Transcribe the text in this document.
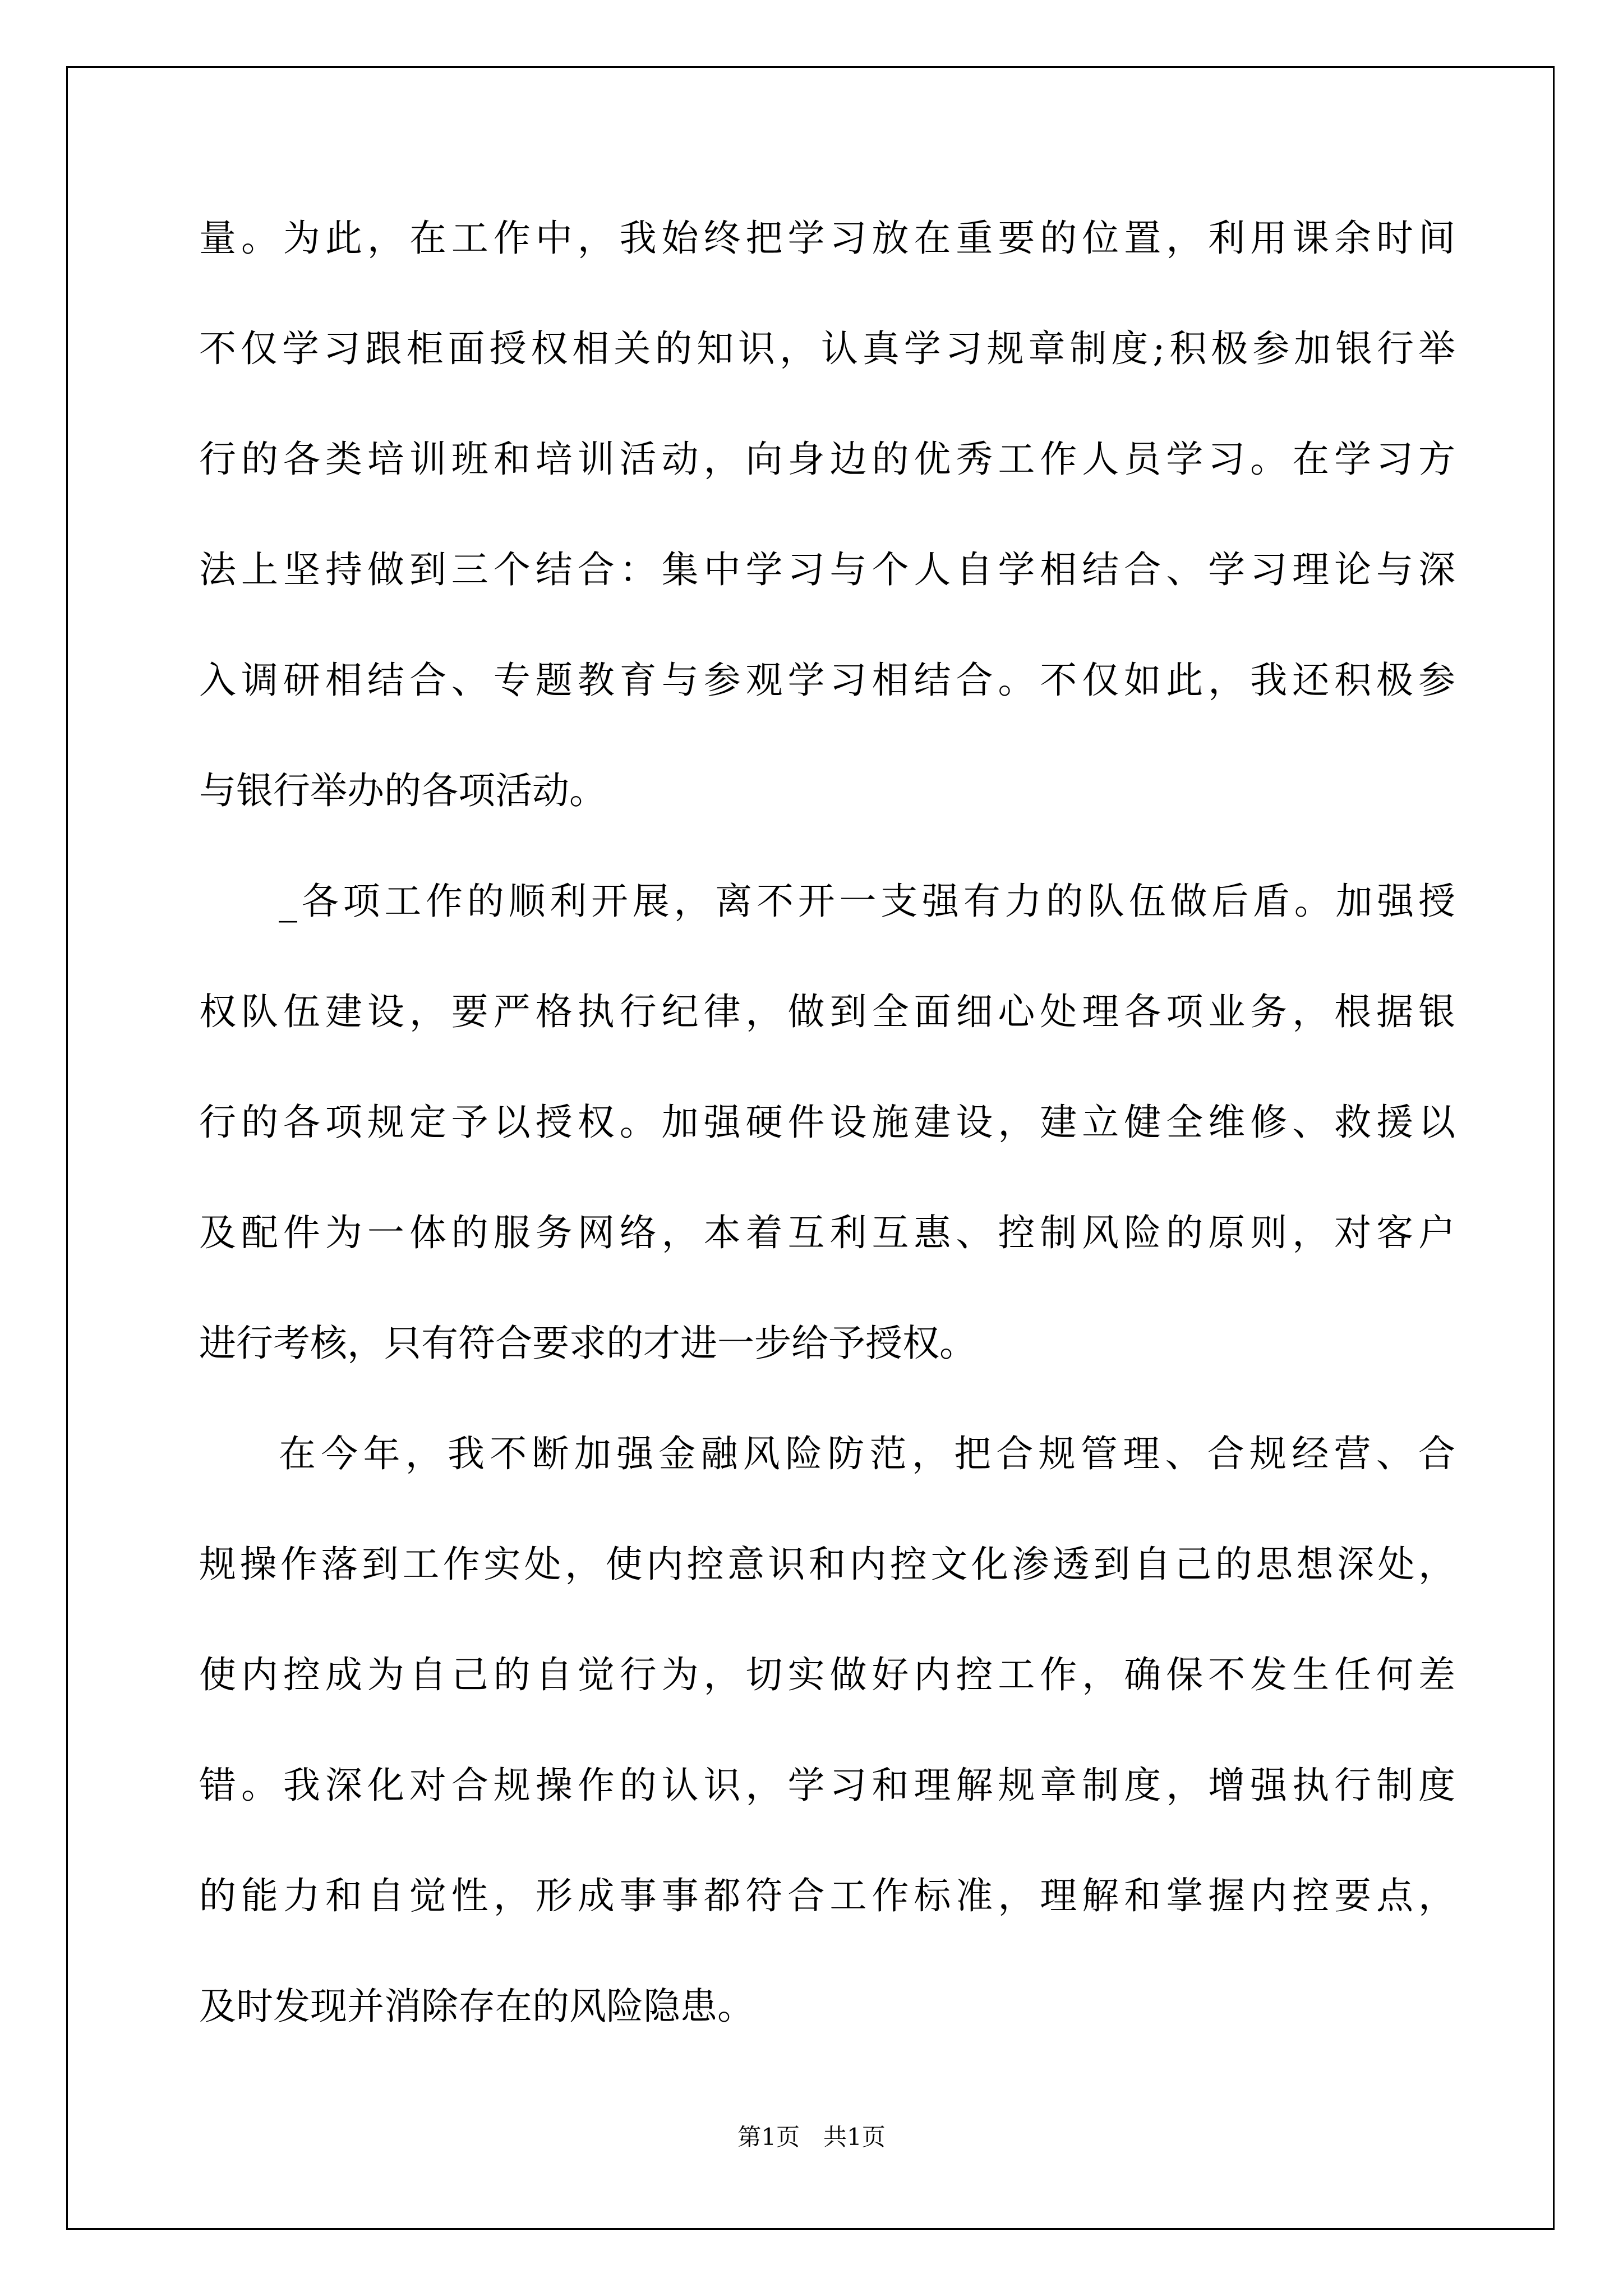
量。为此，在工作中，我始终把学习放在重要的位置，利用课余时间
不仅学习跟柜面授权相关的知识，认真学习规章制度;积极参加银行举
行的各类培训班和培训活动，向身边的优秀工作人员学习。在学习方
法上坚持做到三个结合：集中学习与个人自学相结合、学习理论与深
入调研相结合、专题教育与参观学习相结合。不仅如此，我还积极参
与银行举办的各项活动。
_各项工作的顺利开展，离不开一支强有力的队伍做后盾。加强授
权队伍建设，要严格执行纪律，做到全面细心处理各项业务，根据银
行的各项规定予以授权。加强硬件设施建设，建立健全维修、救援以
及配件为一体的服务网络，本着互利互惠、控制风险的原则，对客户
进行考核，只有符合要求的才进一步给予授权。
在今年，我不断加强金融风险防范，把合规管理、合规经营、合
规操作落到工作实处，使内控意识和内控文化渗透到自己的思想深处，
使内控成为自己的自觉行为，切实做好内控工作，确保不发生任何差
错。我深化对合规操作的认识，学习和理解规章制度，增强执行制度
的能力和自觉性，形成事事都符合工作标准，理解和掌握内控要点，
及时发现并消除存在的风险隐患。
第1页 共1页
